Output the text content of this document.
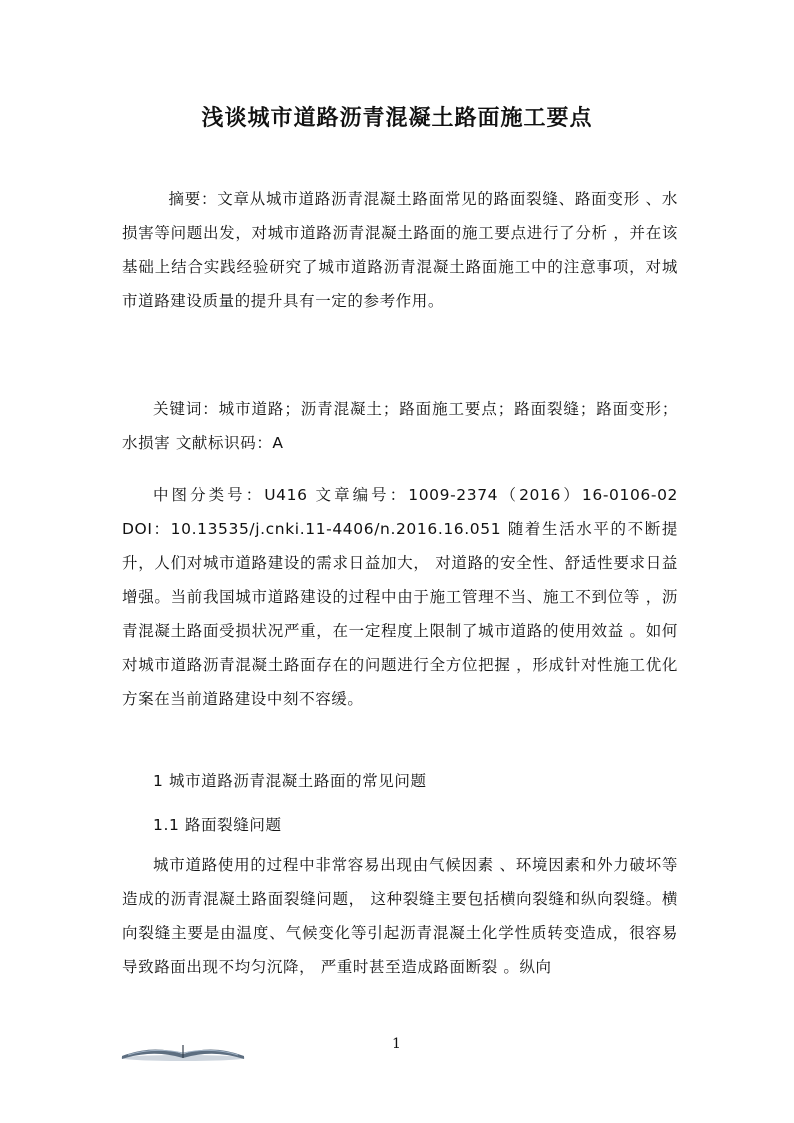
浅谈城市道路沥青混凝土路面施工要点

摘要：文章从城市道路沥青混凝土路面常见的路面裂缝、路面变形 、水损害等问题出发，对城市道路沥青混凝土路面的施工要点进行了分析 ，并在该基础上结合实践经验研究了城市道路沥青混凝土路面施工中的注意事项，对城市道路建设质量的提升具有一定的参考作用。

关键词：城市道路；沥青混凝土；路面施工要点；路面裂缝；路面变形；水损害 文献标识码：A

中图分类号：U416 文章编号：1009-2374（2016）16-0106-02 DOI：10.13535/j.cnki.11-4406/n.2016.16.051 随着生活水平的不断提升，人们对城市道路建设的需求日益加大， 对道路的安全性、舒适性要求日益增强。当前我国城市道路建设的过程中由于施工管理不当、施工不到位等 ，沥青混凝土路面受损状况严重，在一定程度上限制了城市道路的使用效益 。如何对城市道路沥青混凝土路面存在的问题进行全方位把握 ，形成针对性施工优化方案在当前道路建设中刻不容缓。

1 城市道路沥青混凝土路面的常见问题

1.1 路面裂缝问题

城市道路使用的过程中非常容易出现由气候因素 、环境因素和外力破坏等造成的沥青混凝土路面裂缝问题， 这种裂缝主要包括横向裂缝和纵向裂缝。横向裂缝主要是由温度、气候变化等引起沥青混凝土化学性质转变造成，很容易导致路面出现不均匀沉降， 严重时甚至造成路面断裂 。纵向

1
